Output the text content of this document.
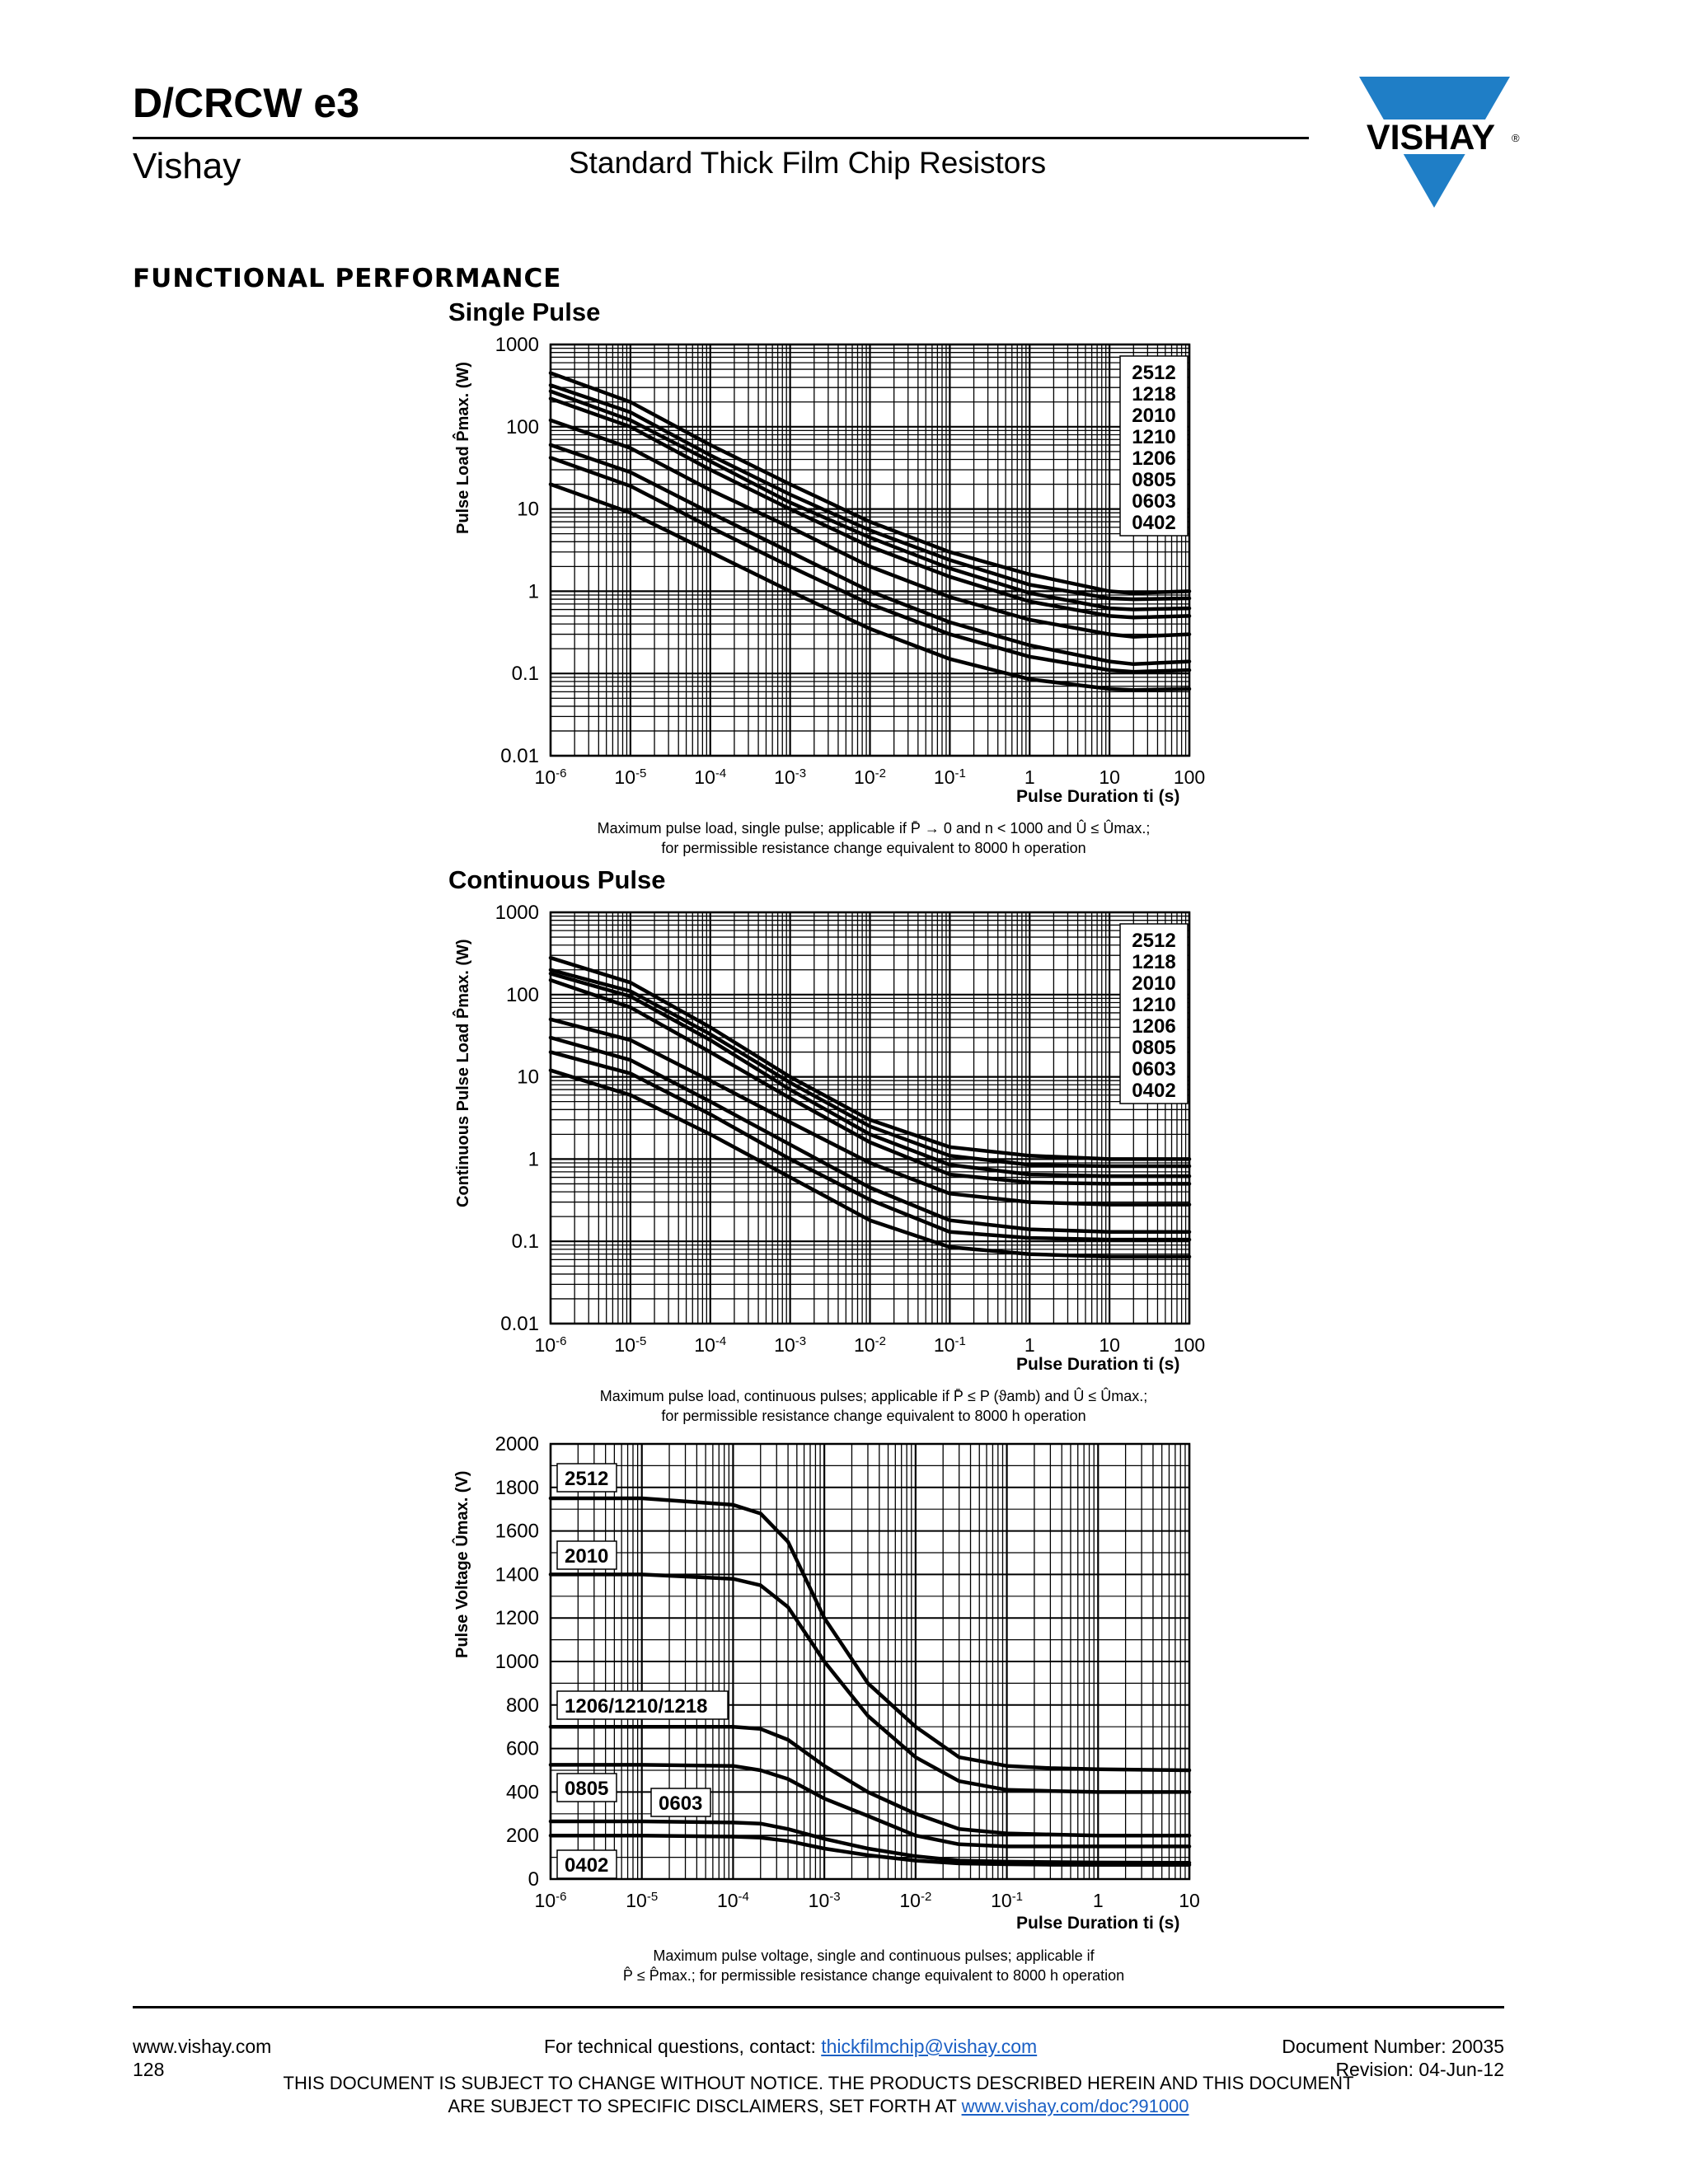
D/CRCW e3
Vishay	Standard Thick Film Chip Resistors
VISHAY ®
FUNCTIONAL PERFORMANCE
Single Pulse
Pulse Load P̂max. (W)
Pulse Duration ti (s)
Maximum pulse load, single pulse; applicable if P̄ → 0 and n < 1000 and Û ≤ Ûmax.;
for permissible resistance change equivalent to 8000 h operation
$10^{-6}$	$10^{-5}$	$10^{-4}$	$10^{-3}$	$10^{-2}$	$10^{-1}$	1	10	100
1000
100
10
1
0.1
0.01
2512
1218
2010
1210
1206
0805
0603
0402
Continuous Pulse
Continuous Pulse Load P̂max. (W)
Pulse Duration ti (s)
Maximum pulse load, continuous pulses; applicable if P̄ ≤ P (ϑamb) and Û ≤ Ûmax.;
for permissible resistance change equivalent to 8000 h operation
$10^{-6}$	$10^{-5}$	$10^{-4}$	$10^{-3}$	$10^{-2}$	$10^{-1}$	1	10	100
1000
100
10
1
0.1
0.01
2512
1218
2010
1210
1206
0805
0603
0402
Pulse Voltage Ûmax. (V)
Pulse Duration ti (s)
Maximum pulse voltage, single and continuous pulses; applicable if
P̂ ≤ P̂max.; for permissible resistance change equivalent to 8000 h operation
$10^{-6}$	$10^{-5}$	$10^{-4}$	$10^{-3}$	$10^{-2}$	$10^{-1}$	1	10
2000
1800
1600
1400
1200
1000
800
600
400
200
0
2512
2010
1206/1210/1218
0805
0603
0402
www.vishay.com
128
For technical questions, contact: thickfilmchip@vishay.com	Document Number: 20035
Revision: 04-Jun-12
THIS DOCUMENT IS SUBJECT TO CHANGE WITHOUT NOTICE. THE PRODUCTS DESCRIBED HEREIN AND THIS DOCUMENT
ARE SUBJECT TO SPECIFIC DISCLAIMERS, SET FORTH AT www.vishay.com/doc?91000
